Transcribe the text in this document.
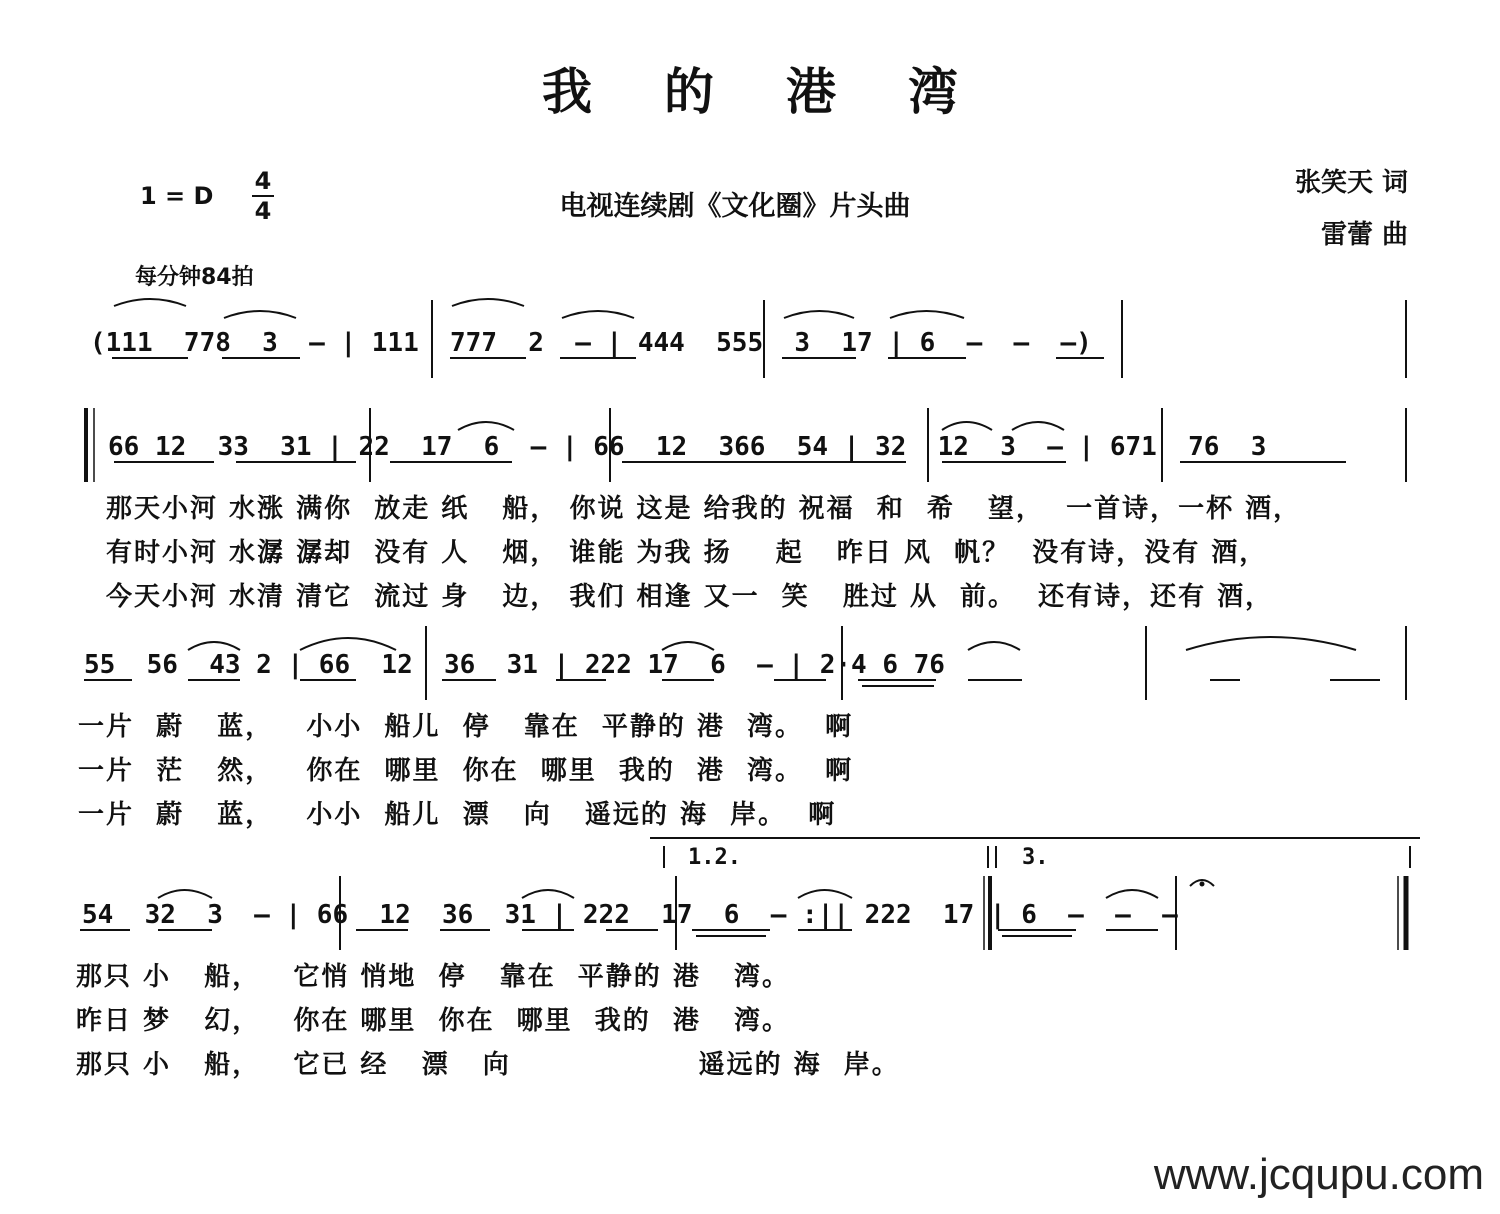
我的港湾
1 = D
4
4	电视连续剧《文化圈》片头曲
张笑天 词
雷蕾 曲
每分钟84拍
(111  778  3  — | 111  777  2  — | 444  555  3  17 | 6  —  —  —)
66 12  33  31 | 22  17  6  — | 66  12  366  54 | 32  12  3  — | 671  76  3
那天小河 水涨 满你  放走 纸   船， 你说 这是 给我的 祝福  和  希   望，  一首诗，一杯 酒，
有时小河 水潺 潺却  没有 人   烟， 谁能 为我 扬    起   昨日 风  帆？  没有诗，没有 酒，
今天小河 水清 清它  流过 身   边， 我们 相逢 又一  笑   胜过 从  前。  还有诗，还有 酒，
55  56  43 2 | 66  12  36  31 | 222 17  6  — | 2·4 6 76
一片  蔚   蓝，   小小  船儿  停   靠在  平静的 港  湾。  啊
一片  茫   然，   你在  哪里  你在  哪里  我的  港  湾。  啊
一片  蔚   蓝，   小小  船儿  漂   向   遥远的 海  岸。  啊
1.2.	3.
54  32  3  — | 66  12  36  31 | 222  17  6  — :|| 222  17 | 6  —  —  —
那只 小   船，   它悄 悄地  停   靠在  平静的 港   湾。
昨日 梦   幻，   你在 哪里  你在  哪里  我的  港   湾。
那只 小   船，   它已 经   漂   向                 遥远的 海  岸。
www.jcqupu.com
